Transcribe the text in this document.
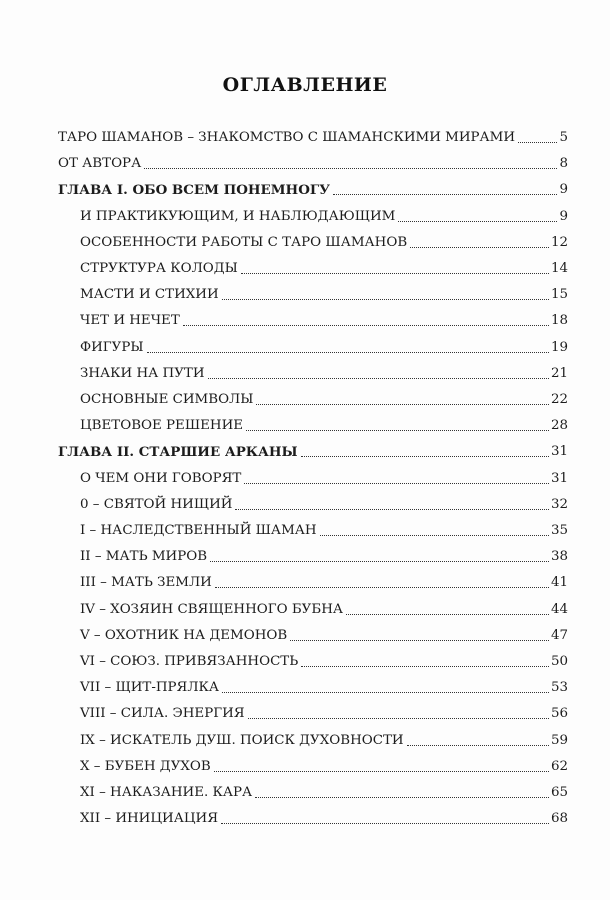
ОГЛАВЛЕНИЕ
ТАРО ШАМАНОВ – ЗНАКОМСТВО С ШАМАНСКИМИ МИРАМИ	5
ОТ АВТОРА	8
ГЛАВА I. ОБО ВСЕМ ПОНЕМНОГУ	9
И ПРАКТИКУЮЩИМ, И НАБЛЮДАЮЩИМ	9
ОСОБЕННОСТИ РАБОТЫ С ТАРО ШАМАНОВ	12
СТРУКТУРА КОЛОДЫ	14
МАСТИ И СТИХИИ	15
ЧЕТ И НЕЧЕТ	18
ФИГУРЫ	19
ЗНАКИ НА ПУТИ	21
ОСНОВНЫЕ СИМВОЛЫ	22
ЦВЕТОВОЕ РЕШЕНИЕ	28
ГЛАВА II. СТАРШИЕ АРКАНЫ	31
О ЧЕМ ОНИ ГОВОРЯТ	31
0 – СВЯТОЙ НИЩИЙ	32
I – НАСЛЕДСТВЕННЫЙ ШАМАН	35
II – МАТЬ МИРОВ	38
III – МАТЬ ЗЕМЛИ	41
IV – ХОЗЯИН СВЯЩЕННОГО БУБНА	44
V – ОХОТНИК НА ДЕМОНОВ	47
VI – СОЮЗ. ПРИВЯЗАННОСТЬ	50
VII – ЩИТ-ПРЯЛКА	53
VIII – СИЛА. ЭНЕРГИЯ	56
IX – ИСКАТЕЛЬ ДУШ. ПОИСК ДУХОВНОСТИ	59
X – БУБЕН ДУХОВ	62
XI – НАКАЗАНИЕ. КАРА	65
XII – ИНИЦИАЦИЯ	68
